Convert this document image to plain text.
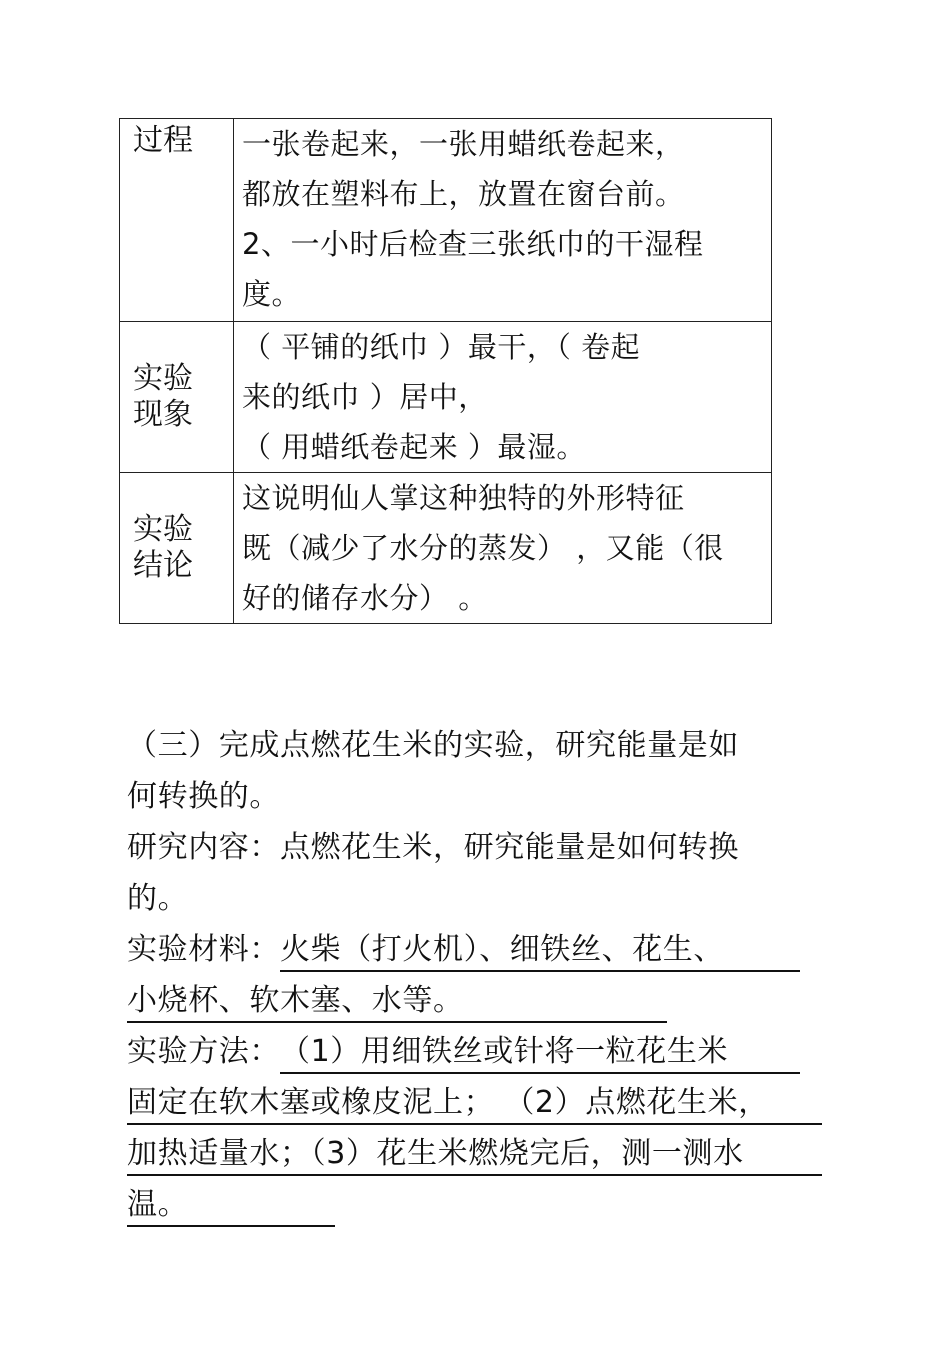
过程	一张卷起来，一张用蜡纸卷起来，
都放在塑料布上，放置在窗台前。
2、一小时后检查三张纸巾的干湿程
度。

实验
现象	（ 平铺的纸巾 ）最干，（ 卷起
来的纸巾 ）居中，
（ 用蜡纸卷起来 ）最湿。

实验
结论	这说明仙人掌这种独特的外形特征
既（减少了水分的蒸发） ，又能（很
好的储存水分） 。
（三）完成点燃花生米的实验，研究能量是如
何转换的。
研究内容：点燃花生米，研究能量是如何转换
的。
实验材料：火柴（打火机）、细铁丝、花生、
小烧杯、软木塞、水等。
实验方法：（1）用细铁丝或针将一粒花生米
固定在软木塞或橡皮泥上； （2）点燃花生米，
加热适量水；（3）花生米燃烧完后，测一测水
温。
